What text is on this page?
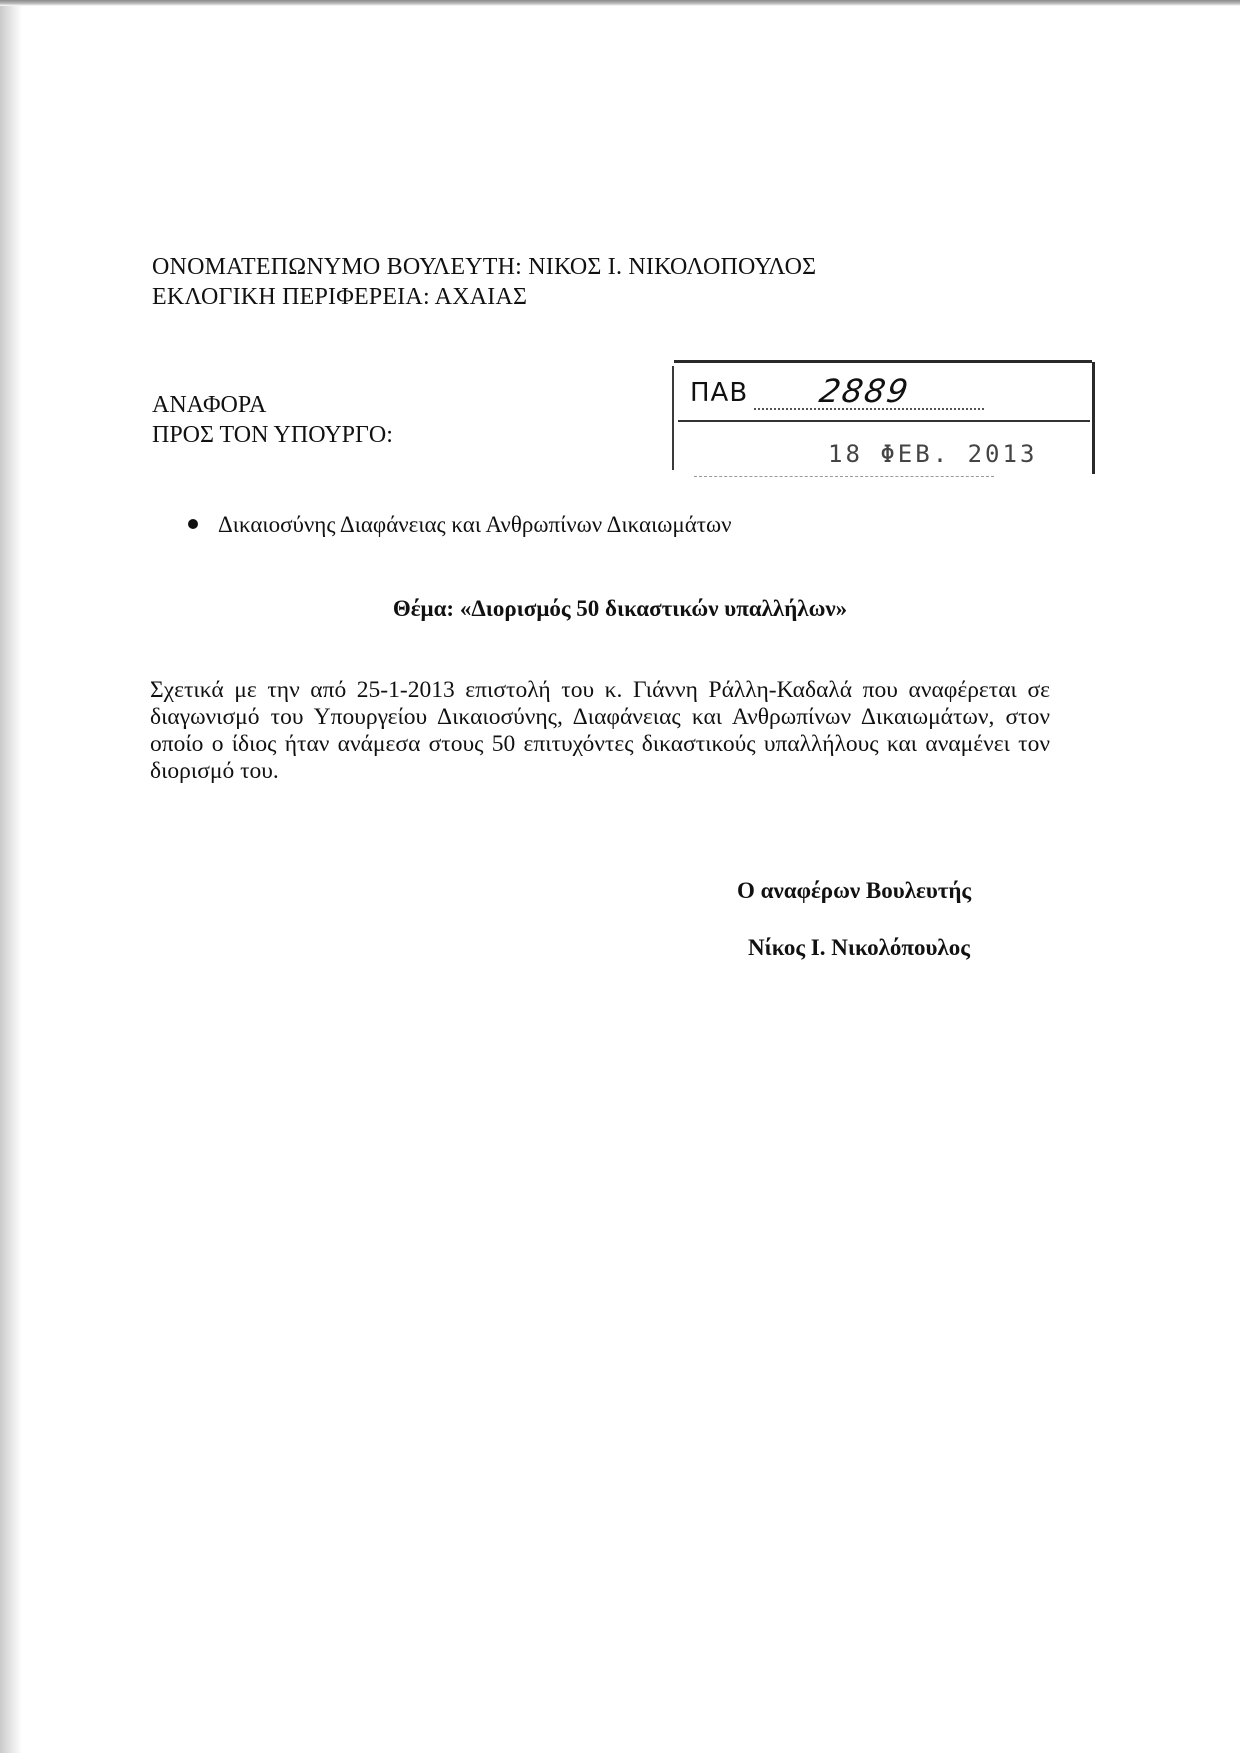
ΟΝΟΜΑΤΕΠΩΝΥΜΟ ΒΟΥΛΕΥΤΗ: ΝΙΚΟΣ Ι. ΝΙΚΟΛΟΠΟΥΛΟΣ
ΕΚΛΟΓΙΚΗ ΠΕΡΙΦΕΡΕΙΑ: ΑΧΑΙΑΣ
ΑΝΑΦΟΡΑ
ΠΡΟΣ ΤΟΝ ΥΠΟΥΡΓΟ:
ΠΑΒ 2889
18 ΦΕΒ. 2013
Δικαιοσύνης Διαφάνειας και Ανθρωπίνων Δικαιωμάτων
Θέμα: «Διορισμός 50 δικαστικών υπαλλήλων»
Σχετικά με την από 25-1-2013 επιστολή του κ. Γιάννη Ράλλη-Καδαλά που αναφέρεται σε διαγωνισμό του Υπουργείου Δικαιοσύνης, Διαφάνειας και Ανθρωπίνων Δικαιωμάτων, στον οποίο ο ίδιος ήταν ανάμεσα στους 50 επιτυχόντες δικαστικούς υπαλλήλους και αναμένει τον διορισμό του.
Ο αναφέρων Βουλευτής
Νίκος Ι. Νικολόπουλος
